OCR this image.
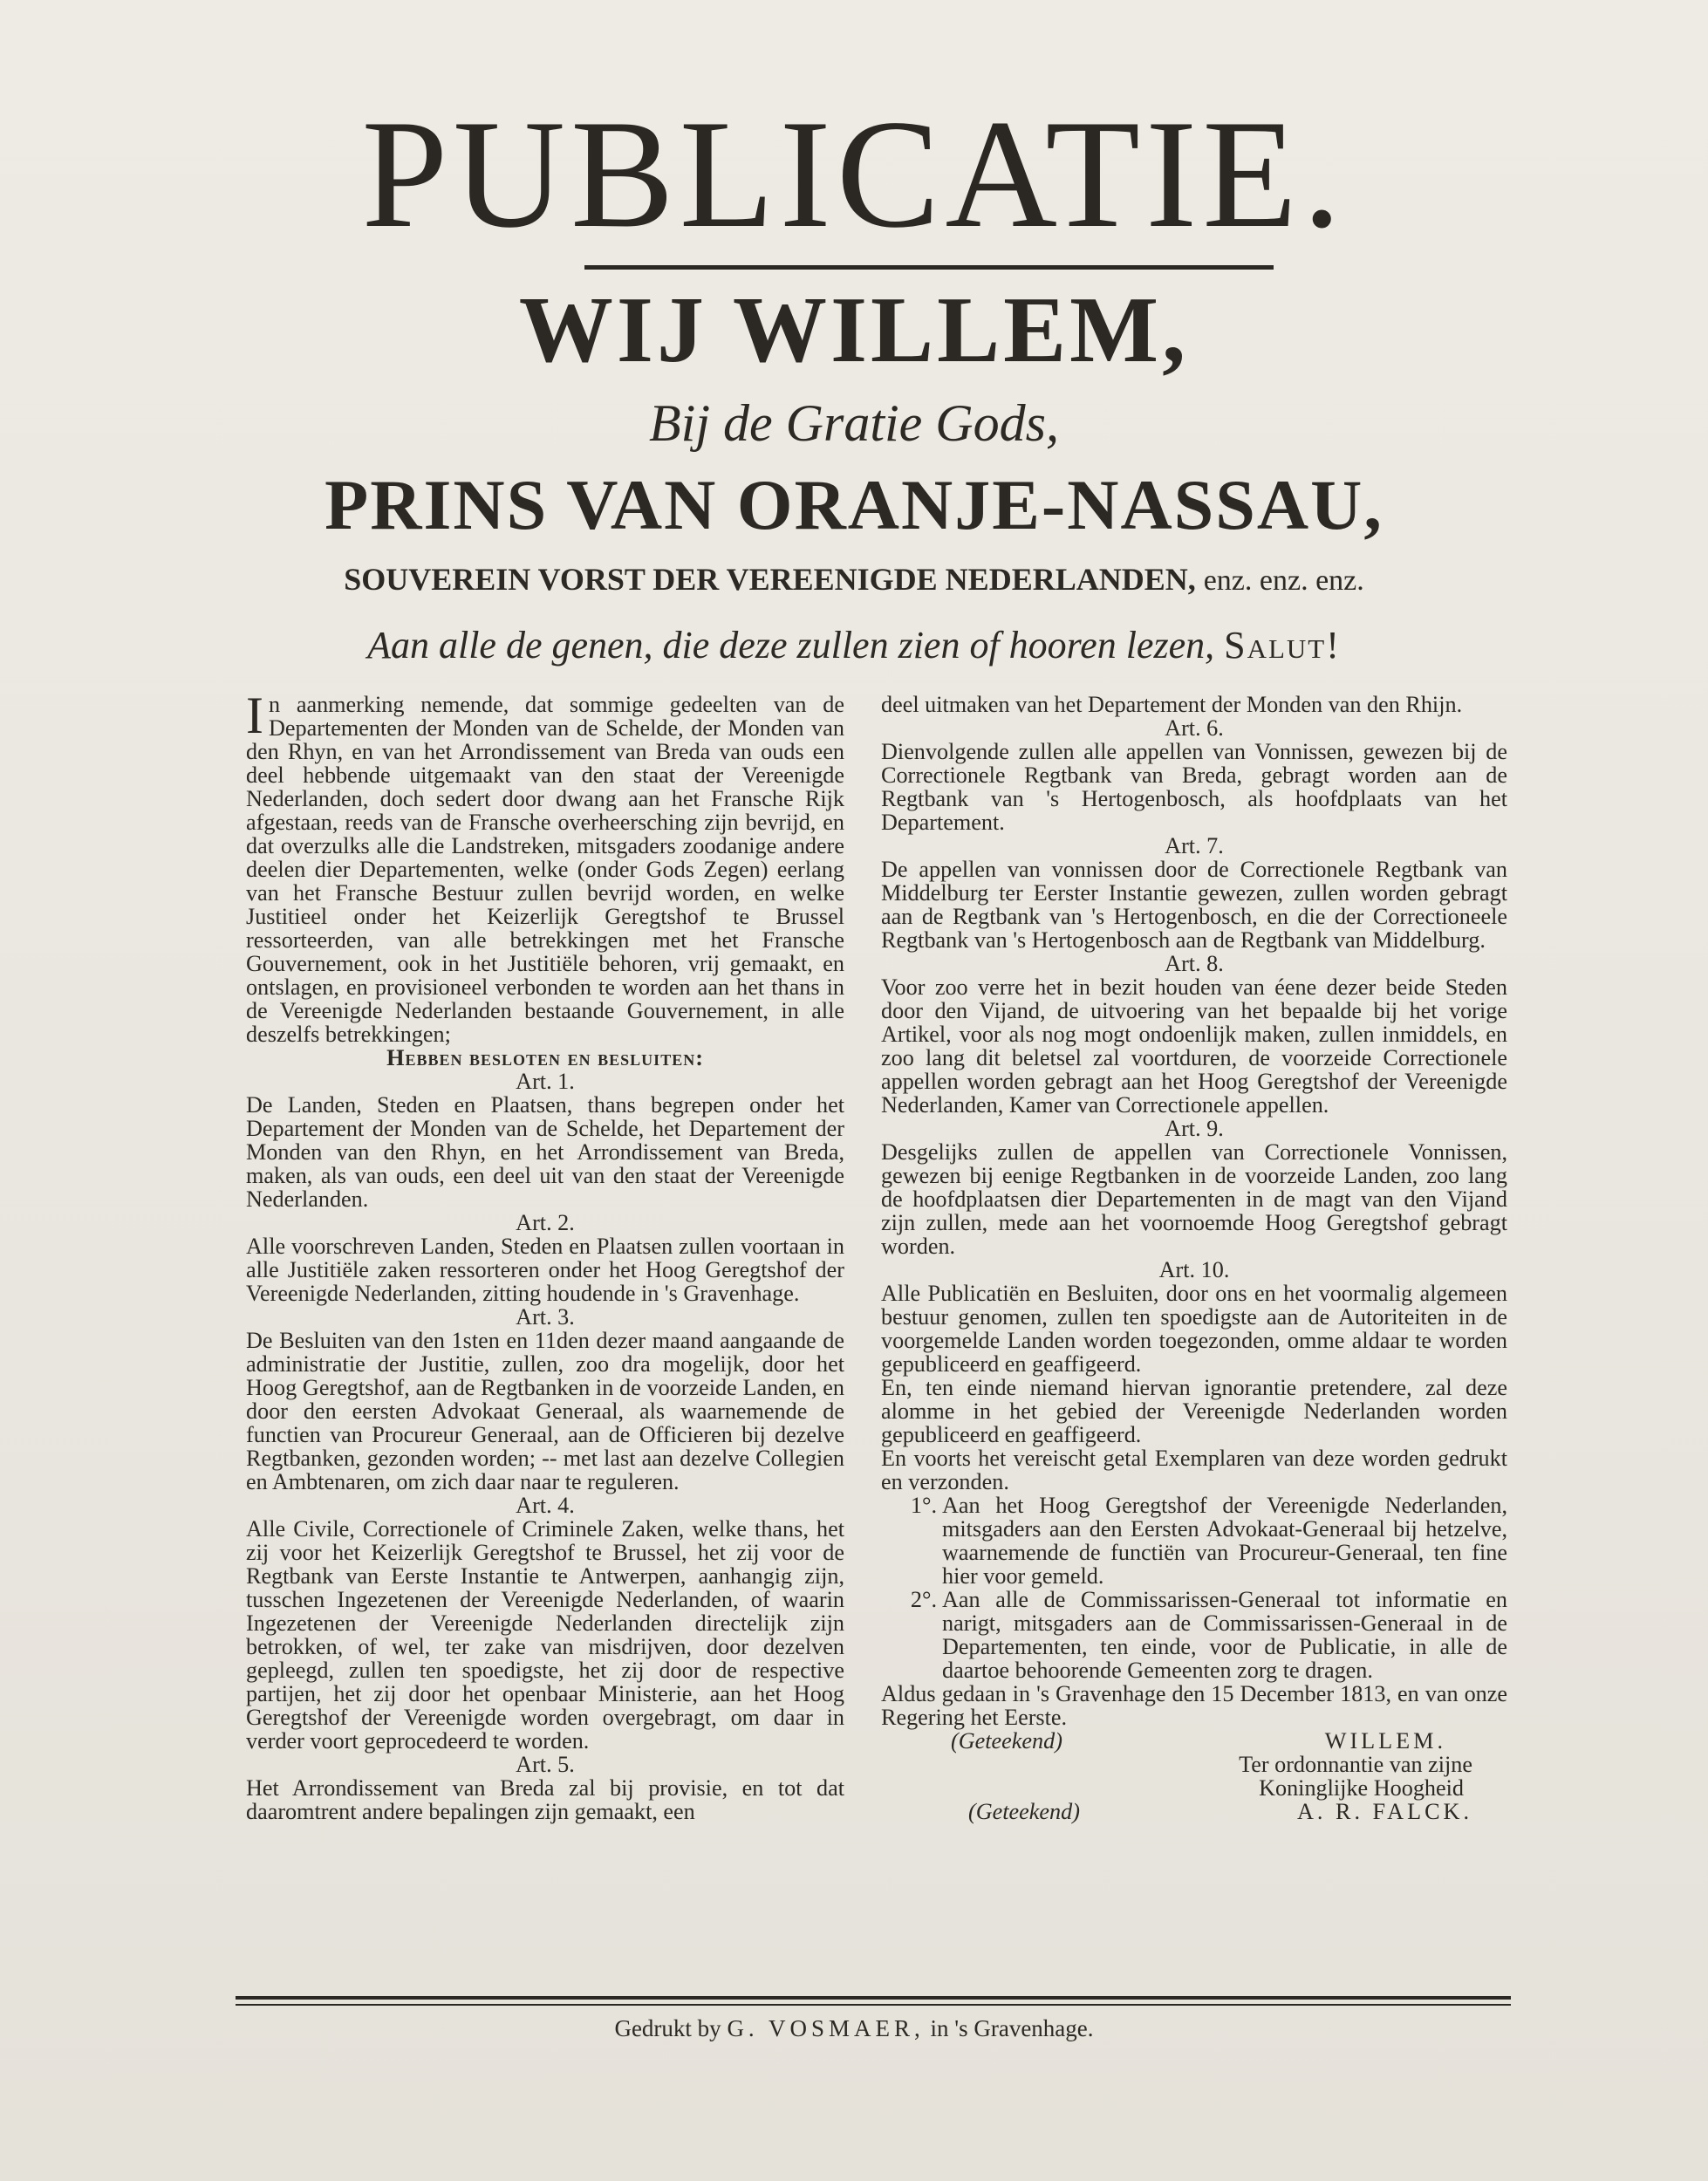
PUBLICATIE.
WIJ WILLEM,
Bij de Gratie Gods,
PRINS VAN ORANJE-NASSAU,
SOUVEREIN VORST DER VEREENIGDE NEDERLANDEN, enz. enz. enz.
Aan alle de genen, die deze zullen zien of hooren lezen, Salut!

In aanmerking nemende, dat sommige gedeelten van de Departementen der Monden van de Schelde, der Monden van den Rhyn, en van het Arrondissement van Breda van ouds een deel hebbende uitgemaakt van den staat der Vereenigde Nederlanden, doch sedert door dwang aan het Fransche Rijk afgestaan, reeds van de Fransche overheersching zijn bevrijd, en dat overzulks alle die Landstreken, mitsgaders zoodanige andere deelen dier Departementen, welke (onder Gods Zegen) eerlang van het Fransche Bestuur zullen bevrijd worden, en welke Justitieel onder het Keizerlijk Geregtshof te Brussel ressorteerden, van alle betrekkingen met het Fransche Gouvernement, ook in het Justitiële behoren, vrij gemaakt, en ontslagen, en provisioneel verbonden te worden aan het thans in de Vereenigde Nederlanden bestaande Gouvernement, in alle deszelfs betrekkingen;

Hebben besloten en besluiten:

Art. 1.

De Landen, Steden en Plaatsen, thans begrepen onder het Departement der Monden van de Schelde, het Departement der Monden van den Rhyn, en het Arrondissement van Breda, maken, als van ouds, een deel uit van den staat der Vereenigde Nederlanden.

Art. 2.

Alle voorschreven Landen, Steden en Plaatsen zullen voortaan in alle Justitiële zaken ressorteren onder het Hoog Geregtshof der Vereenigde Nederlanden, zitting houdende in 's Gravenhage.

Art. 3.

De Besluiten van den 1sten en 11den dezer maand aangaande de administratie der Justitie, zullen, zoo dra mogelijk, door het Hoog Geregtshof, aan de Regtbanken in de voorzeide Landen, en door den eersten Advokaat Generaal, als waarnemende de functien van Procureur Generaal, aan de Officieren bij dezelve Regtbanken, gezonden worden; -- met last aan dezelve Collegien en Ambtenaren, om zich daar naar te reguleren.

Art. 4.

Alle Civile, Correctionele of Criminele Zaken, welke thans, het zij voor het Keizerlijk Geregtshof te Brussel, het zij voor de Regtbank van Eerste Instantie te Antwerpen, aanhangig zijn, tusschen Ingezetenen der Vereenigde Nederlanden, of waarin Ingezetenen der Vereenigde Nederlanden directelijk zijn betrokken, of wel, ter zake van misdrijven, door dezelven gepleegd, zullen ten spoedigste, het zij door de respective partijen, het zij door het openbaar Ministerie, aan het Hoog Geregtshof der Vereenigde worden overgebragt, om daar in verder voort geprocedeerd te worden.

Art. 5.

Het Arrondissement van Breda zal bij provisie, en tot dat daaromtrent andere bepalingen zijn gemaakt, een

deel uitmaken van het Departement der Monden van den Rhijn.

Art. 6.

Dienvolgende zullen alle appellen van Vonnissen, gewezen bij de Correctionele Regtbank van Breda, gebragt worden aan de Regtbank van 's Hertogenbosch, als hoofdplaats van het Departement.

Art. 7.

De appellen van vonnissen door de Correctionele Regtbank van Middelburg ter Eerster Instantie gewezen, zullen worden gebragt aan de Regtbank van 's Hertogenbosch, en die der Correctioneele Regtbank van 's Hertogenbosch aan de Regtbank van Middelburg.

Art. 8.

Voor zoo verre het in bezit houden van éene dezer beide Steden door den Vijand, de uitvoering van het bepaalde bij het vorige Artikel, voor als nog mogt ondoenlijk maken, zullen inmiddels, en zoo lang dit beletsel zal voortduren, de voorzeide Correctionele appellen worden gebragt aan het Hoog Geregtshof der Vereenigde Nederlanden, Kamer van Correctionele appellen.

Art. 9.

Desgelijks zullen de appellen van Correctionele Vonnissen, gewezen bij eenige Regtbanken in de voorzeide Landen, zoo lang de hoofdplaatsen dier Departementen in de magt van den Vijand zijn zullen, mede aan het voornoemde Hoog Geregtshof gebragt worden.

Art. 10.

Alle Publicatiën en Besluiten, door ons en het voormalig algemeen bestuur genomen, zullen ten spoedigste aan de Autoriteiten in de voorgemelde Landen worden toegezonden, omme aldaar te worden gepubliceerd en geaffigeerd.

En, ten einde niemand hiervan ignorantie pretendere, zal deze alomme in het gebied der Vereenigde Nederlanden worden gepubliceerd en geaffigeerd.

En voorts het vereischt getal Exemplaren van deze worden gedrukt en verzonden.

1°. Aan het Hoog Geregtshof der Vereenigde Nederlanden, mitsgaders aan den Eersten Advokaat-Generaal bij hetzelve, waarnemende de functiën van Procureur-Generaal, ten fine hier voor gemeld.
2°. Aan alle de Commissarissen-Generaal tot informatie en narigt, mitsgaders aan de Commissarissen-Generaal in de Departementen, ten einde, voor de Publicatie, in alle de daartoe behoorende Gemeenten zorg te dragen.

Aldus gedaan in 's Gravenhage den 15 December 1813, en van onze Regering het Eerste.

(Geteekend)	WILLEM.
Ter ordonnantie van zijne
Koninglijke Hoogheid
(Geteekend)	A. R. FALCK.
Gedrukt by G. VOSMAER, in 's Gravenhage.
